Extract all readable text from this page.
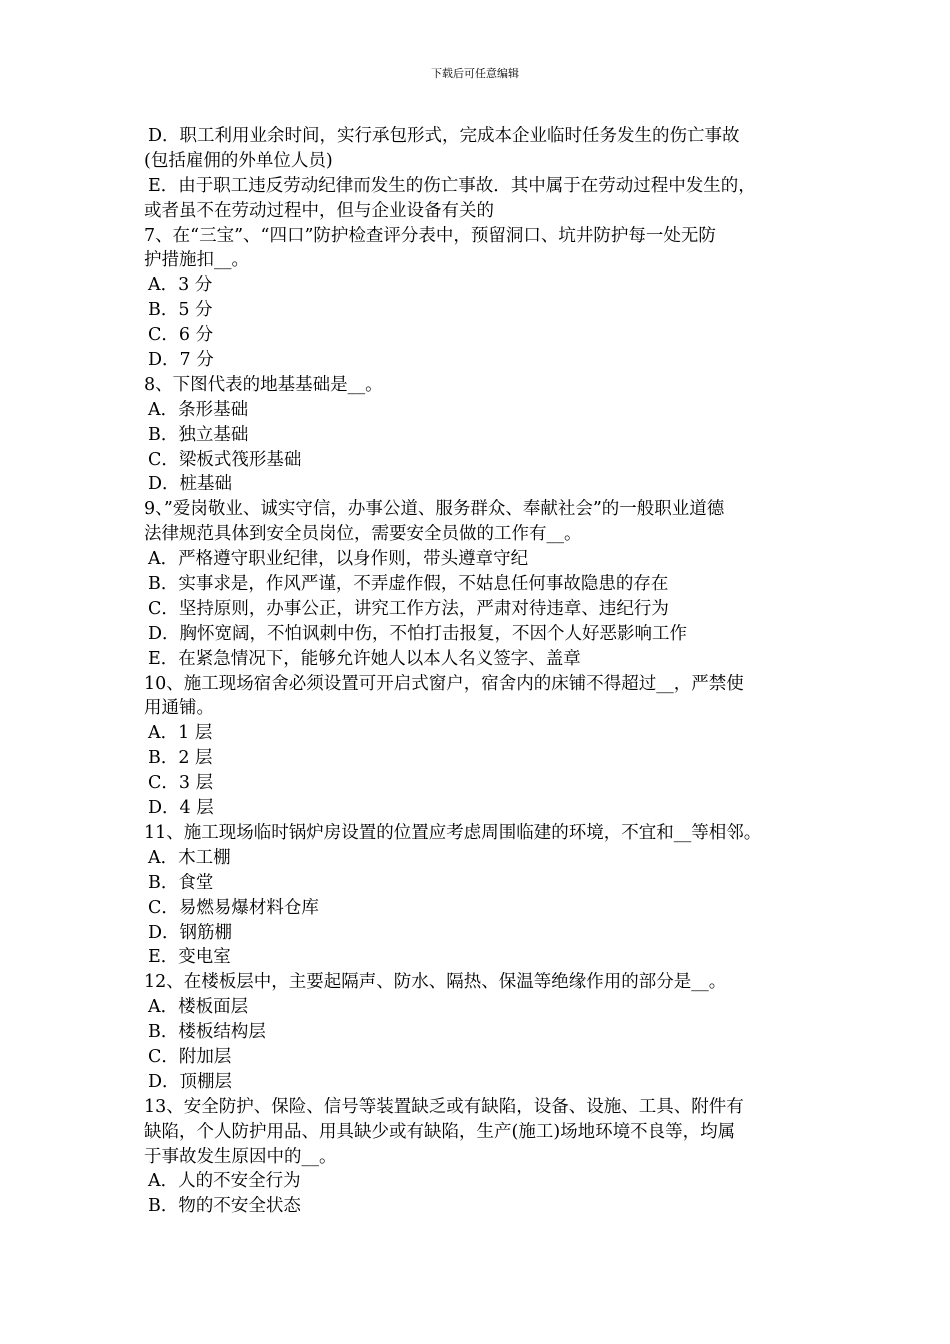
下载后可任意编辑
D．职工利用业余时间，实行承包形式，完成本企业临时任务发生的伤亡事故
(包括雇佣的外单位人员)
E．由于职工违反劳动纪律而发生的伤亡事故．其中属于在劳动过程中发生的，
或者虽不在劳动过程中，但与企业设备有关的
7、在“三宝”、“四口”防护检查评分表中，预留洞口、坑井防护每一处无防
护措施扣__。
A．3 分
B．5 分
C．6 分
D．7 分
8、下图代表的地基基础是__。
A．条形基础
B．独立基础
C．梁板式筏形基础
D．桩基础
9、”爱岗敬业、诚实守信，办事公道、服务群众、奉献社会”的一般职业道德
法律规范具体到安全员岗位，需要安全员做的工作有__。
A．严格遵守职业纪律，以身作则，带头遵章守纪
B．实事求是，作风严谨，不弄虚作假，不姑息任何事故隐患的存在
C．坚持原则，办事公正，讲究工作方法，严肃对待违章、违纪行为
D．胸怀宽阔，不怕讽刺中伤，不怕打击报复，不因个人好恶影响工作
E．在紧急情况下，能够允许她人以本人名义签字、盖章
10、施工现场宿舍必须设置可开启式窗户，宿舍内的床铺不得超过__，严禁使
用通铺。
A．1 层
B．2 层
C．3 层
D．4 层
11、施工现场临时锅炉房设置的位置应考虑周围临建的环境，不宜和__等相邻。
A．木工棚
B．食堂
C．易燃易爆材料仓库
D．钢筋棚
E．变电室
12、在楼板层中，主要起隔声、防水、隔热、保温等绝缘作用的部分是__。
A．楼板面层
B．楼板结构层
C．附加层
D．顶棚层
13、安全防护、保险、信号等装置缺乏或有缺陷，设备、设施、工具、附件有
缺陷，个人防护用品、用具缺少或有缺陷，生产(施工)场地环境不良等，均属
于事故发生原因中的__。
A．人的不安全行为
B．物的不安全状态
